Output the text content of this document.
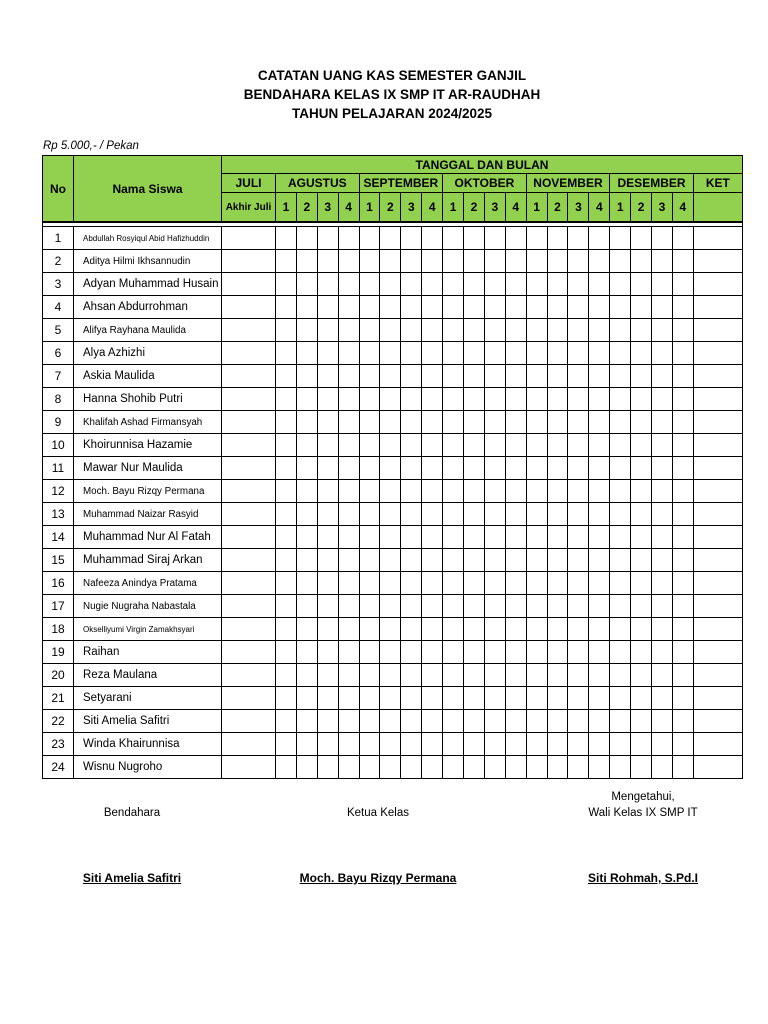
CATATAN UANG KAS SEMESTER GANJIL
BENDAHARA KELAS IX SMP IT AR-RAUDHAH
TAHUN PELAJARAN 2024/2025
Rp 5.000,- / Pekan
No	Nama Siswa	TANGGAL DAN BULAN																					
		JULI	AGUSTUS				SEPTEMBER				OKTOBER				NOVEMBER				DESEMBER				KET
		Akhir Juli	1	2	3	4	1	2	3	4	1	2	3	4	1	2	3	4	1	2	3	4	

1	Abdullah Rosyiqul Abid Hafizhuddin																						
2	Aditya Hilmi Ikhsannudin																						
3	Adyan Muhammad Husain																						
4	Ahsan Abdurrohman																						
5	Alifya Rayhana Maulida																						
6	Alya Azhizhi																						
7	Askia Maulida																						
8	Hanna Shohib Putri																						
9	Khalifah Ashad Firmansyah																						
10	Khoirunnisa Hazamie																						
11	Mawar Nur Maulida																						
12	Moch. Bayu Rizqy Permana																						
13	Muhammad Naizar Rasyid																						
14	Muhammad Nur Al Fatah																						
15	Muhammad Siraj Arkan																						
16	Nafeeza Anindya Pratama																						
17	Nugie Nugraha Nabastala																						
18	Okselliyumi Virgin Zamakhsyari																						
19	Raihan																						
20	Reza Maulana																						
21	Setyarani																						
22	Siti Amelia Safitri																						
23	Winda Khairunnisa																						
24	Wisnu Nugroho																						
Bendahara	Ketua Kelas
Mengetahui,
Wali Kelas IX SMP IT
Siti Amelia Safitri	Moch. Bayu Rizqy Permana	Siti Rohmah, S.Pd.I
